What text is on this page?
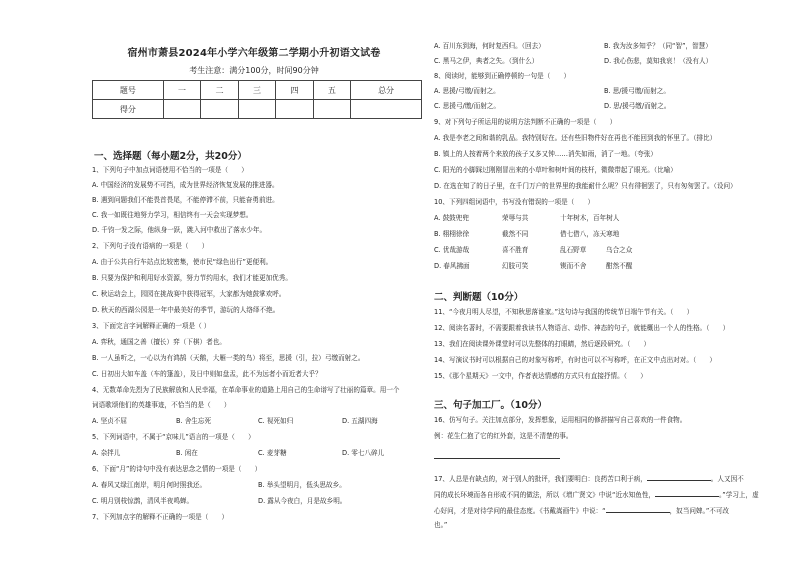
宿州市萧县2024年小学六年级第二学期小升初语文试卷
考生注意：满分100分，时间90分钟
题号	一	二	三	四	五	总分
得分						
一、选择题（每小题2分，共20分）
1、下列句子中加点词语使用不恰当的一项是（　　）
A. 中国经济的发展势不可挡，成为世界经济恢复发展的推进器。
B. 遇到问题我们不能畏首畏尾，不能停滞不前，只能奋勇前进。
C. 我一如既往地努力学习，相信终有一天会实现梦想。
D. 千钧一发之际，他纵身一跃，跳入河中救出了落水少年。
2、下列句子没有语病的一项是（　　）
A. 由于公共自行车站点比较密集，使市民“绿色出行”更便利。
B. 只要为保护和利用好水资源，努力节约用水，我们才能更加优秀。
C. 秋运动会上，园园在挑战赛中获得冠军，大家都为她鼓掌欢呼。
D. 秋天的西湖公园是一年中最美好的季节，游玩的人络绎不绝。
3、下面完言字词解释正确的一项是（ ）
A. 弈秋，通国之善（擅长）弈（下棋）者也。
B. 一人虽听之，一心以为有鸿鹄（天鹅，大雁一类的鸟）将至，思援（引，拉）弓缴而射之。
C. 日初出大如车盖（车的篷盖），及日中则如盘盂，此不为远者小而近者大乎？
4、无数革命先烈为了民族解放和人民幸福，在革命事业的道路上用自己的生命谱写了壮丽的篇章。用一个
词语歌颂他们的英雄事迹，不恰当的是（　　）
A. 坚贞不屈	B. 舍生忘死	C. 视死如归	D. 五湖四海
5、下列词语中，不属于“京味儿”语言的一项是（　　）
A. 杂拌儿	B. 闲在	C. 麦芽糖	D. 零七八碎儿
6、下面“月”的诗句中没有表达思念之情的一项是（　　）
A. 春风又绿江南岸，明月何时照我还。	B. 举头望明月，低头思故乡。
C. 明月别枝惊鹊，清风半夜鸣蝉。	D. 露从今夜白，月是故乡明。
7、下列加点字的解释不正确的一项是（　　）
A. 百川东到海，何时复西归。（回去）	B. 我为汝多知乎？（同“智”，智慧）
C. 黑马之伊，典者之失。（到什么）	D. 我心伤悲，莫知我哀！（没有人）
8、阅读时，能够到正确停顿的一句是（　　）
A. 思援/弓缴/而射之。	B. 思/援弓缴/而射之。
C. 思援弓/缴/而射之。	D. 思/援弓缴/而射之。
9、对下列句子所运用的说明方法判断不正确的一项是（　　）
A. 我是李老之间和谐的乳品。我特别好在。还有些旧物件好在再也不能回到我的怀里了。（排比）
B. 镇上的人按着两个来放的孩子又多又钟……消失如雨，消了一地。（夸张）
C. 阳光的小脚踩过刚刚冒出来的小草叶和树叶间的枝杆，微微带起了眼光。（比喻）
D. 在选在知了的日子里，在千门万户的世界里的我能耐什么呢？只有徘徊罢了，只有匆匆罢了。（设问）
10、下列四组词语中，书写没有错误的一项是（　　）
A. 鼓鼓兜兜	荣辱与共	十年树木，百年树人
B. 栩栩徐徐	截然不同	借七借八，冻天寒地
C. 优哉游哉	喜不胜育	乱石野草	乌合之众
D. 春风拂面	幻肢可笑	锲而不舍	酣然不醒
二、判断题（10分）
11、“今夜月明人尽望，不知秋思落谁家。”这句诗与我国的传统节日端午节有关。（　　）
12、阅读名著时，不需要跟着我读书人物语言、动作、神态的句子，就能概出一个人的性格。（　　）
13、我们在阅读课外课堂时可以先整体的打眼睛，然后逐段研究。（　　）
14、写演议书时可以根据自己的对象写称呼，有时也可以不写称呼，在正文中点出对对。（　　）
15、《那个星期天》一文中，作者表达情感的方式只有直接抒情。（　　）
三、句子加工厂。（10分）
16、仿写句子。关注加点部分，发挥想象，运用相同的修辞描写自己喜欢的一件食物。
例：花生仁抱了它的红外套，这是不清楚的事。
17、人总是有缺点的，对于别人的批评，我们要明白：良药苦口利于病，	。人又因不
同的成长环境而各自形成不同的做法，所以《增广贤文》中说“近水知鱼性，	。”学习上，虚
心好问，才是对待学问的最佳态度。《书戴嵩画牛》中说：“	，奴当问婢。”不可改
也。”
